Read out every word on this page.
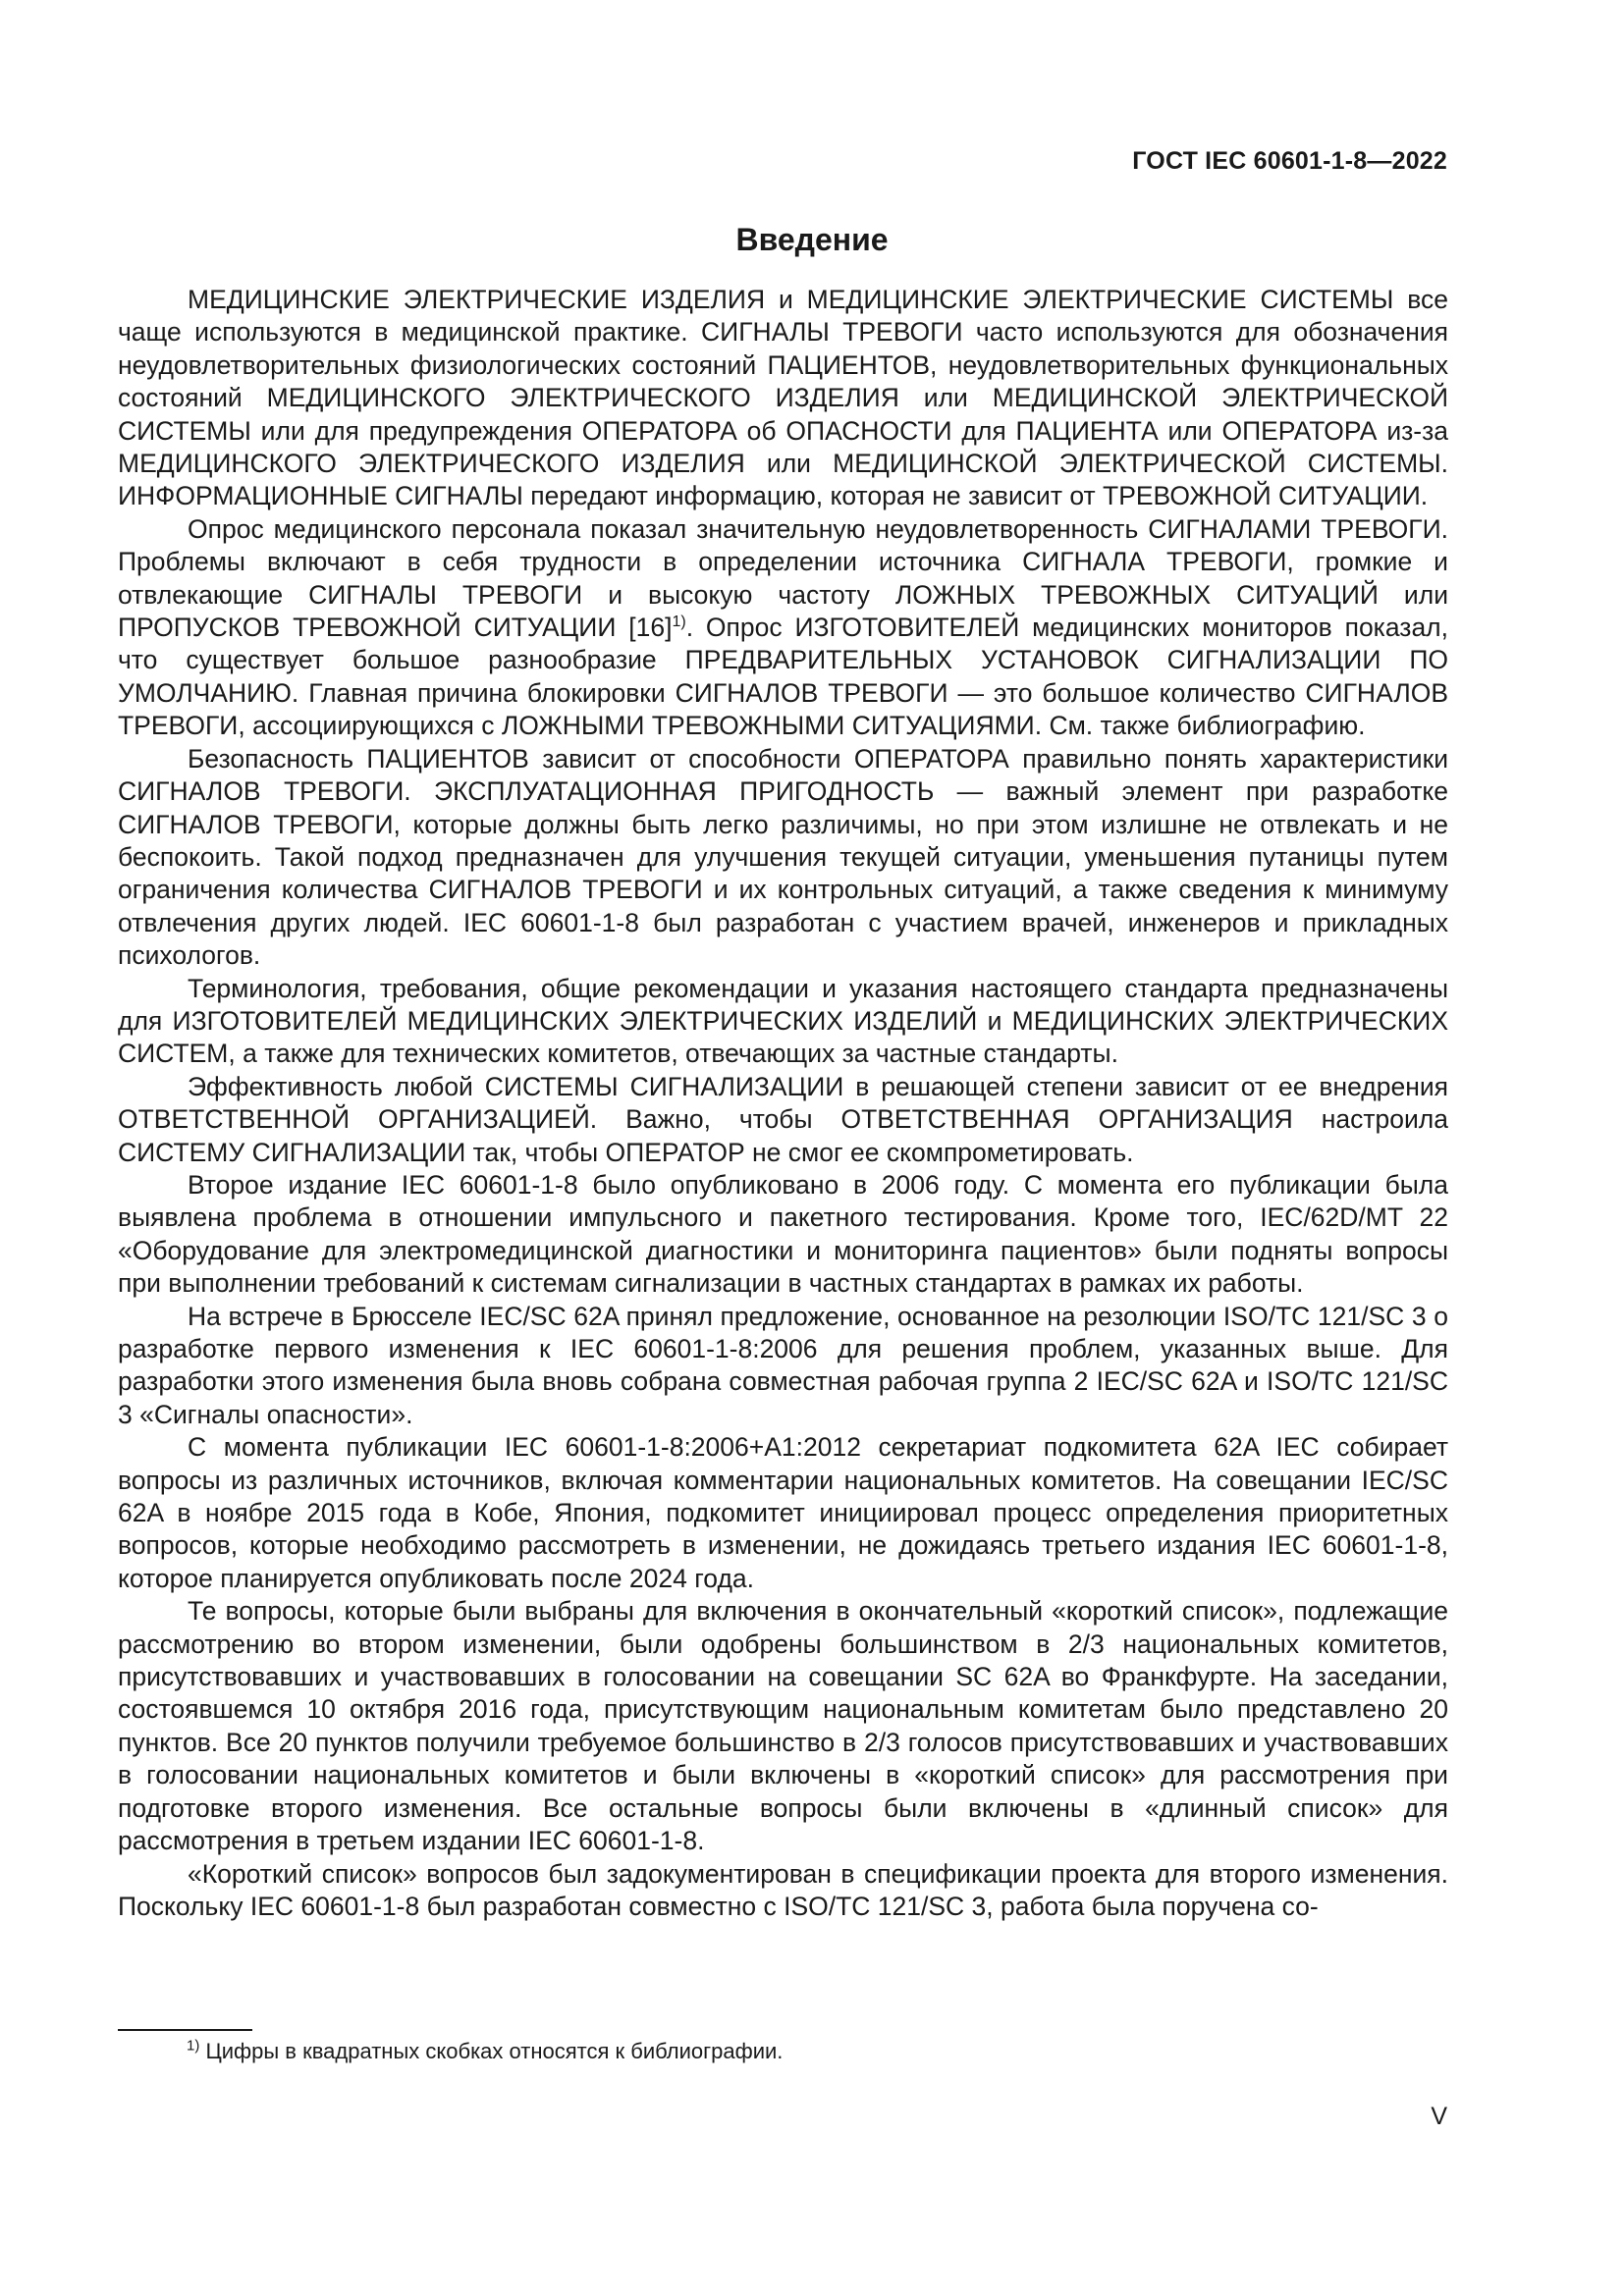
ГОСТ IEC 60601-1-8—2022
Введение

МЕДИЦИНСКИЕ ЭЛЕКТРИЧЕСКИЕ ИЗДЕЛИЯ и МЕДИЦИНСКИЕ ЭЛЕКТРИЧЕСКИЕ СИСТЕМЫ все чаще используются в медицинской практике. СИГНАЛЫ ТРЕВОГИ часто используются для обозначения неудовлетворительных физиологических состояний ПАЦИЕНТОВ, неудовлетворительных функциональных состояний МЕДИЦИНСКОГО ЭЛЕКТРИЧЕСКОГО ИЗДЕЛИЯ или МЕДИЦИНСКОЙ ЭЛЕКТРИЧЕСКОЙ СИСТЕМЫ или для предупреждения ОПЕРАТОРА об ОПАСНОСТИ для ПАЦИЕНТА или ОПЕРАТОРА из-за МЕДИЦИНСКОГО ЭЛЕКТРИЧЕСКОГО ИЗДЕЛИЯ или МЕДИЦИНСКОЙ ЭЛЕКТРИЧЕСКОЙ СИСТЕМЫ. ИНФОРМАЦИОННЫЕ СИГНАЛЫ передают информацию, которая не зависит от ТРЕВОЖНОЙ СИТУАЦИИ.

Опрос медицинского персонала показал значительную неудовлетворенность СИГНАЛАМИ ТРЕВОГИ. Проблемы включают в себя трудности в определении источника СИГНАЛА ТРЕВОГИ, громкие и отвлекающие СИГНАЛЫ ТРЕВОГИ и высокую частоту ЛОЖНЫХ ТРЕВОЖНЫХ СИТУАЦИЙ или ПРОПУСКОВ ТРЕВОЖНОЙ СИТУАЦИИ [16]$^{1)}$. Опрос ИЗГОТОВИТЕЛЕЙ медицинских мониторов показал, что существует большое разнообразие ПРЕДВАРИТЕЛЬНЫХ УСТАНОВОК СИГНАЛИЗАЦИИ ПО УМОЛЧАНИЮ. Главная причина блокировки СИГНАЛОВ ТРЕВОГИ — это большое количество СИГНАЛОВ ТРЕВОГИ, ассоциирующихся с ЛОЖНЫМИ ТРЕВОЖНЫМИ СИТУАЦИЯМИ. См. также библиографию.

Безопасность ПАЦИЕНТОВ зависит от способности ОПЕРАТОРА правильно понять характеристики СИГНАЛОВ ТРЕВОГИ. ЭКСПЛУАТАЦИОННАЯ ПРИГОДНОСТЬ — важный элемент при разработке СИГНАЛОВ ТРЕВОГИ, которые должны быть легко различимы, но при этом излишне не отвлекать и не беспокоить. Такой подход предназначен для улучшения текущей ситуации, уменьшения путаницы путем ограничения количества СИГНАЛОВ ТРЕВОГИ и их контрольных ситуаций, а также сведения к минимуму отвлечения других людей. IEC 60601-1-8 был разработан с участием врачей, инженеров и прикладных психологов.

Терминология, требования, общие рекомендации и указания настоящего стандарта предназначены для ИЗГОТОВИТЕЛЕЙ МЕДИЦИНСКИХ ЭЛЕКТРИЧЕСКИХ ИЗДЕЛИЙ и МЕДИЦИНСКИХ ЭЛЕКТРИЧЕСКИХ СИСТЕМ, а также для технических комитетов, отвечающих за частные стандарты.

Эффективность любой СИСТЕМЫ СИГНАЛИЗАЦИИ в решающей степени зависит от ее внедрения ОТВЕТСТВЕННОЙ ОРГАНИЗАЦИЕЙ. Важно, чтобы ОТВЕТСТВЕННАЯ ОРГАНИЗАЦИЯ настроила СИСТЕМУ СИГНАЛИЗАЦИИ так, чтобы ОПЕРАТОР не смог ее скомпрометировать.

Второе издание IEC 60601-1-8 было опубликовано в 2006 году. С момента его публикации была выявлена проблема в отношении импульсного и пакетного тестирования. Кроме того, IEC/62D/MT 22 «Оборудование для электромедицинской диагностики и мониторинга пациентов» были подняты вопросы при выполнении требований к системам сигнализации в частных стандартах в рамках их работы.

На встрече в Брюсселе IEC/SC 62A принял предложение, основанное на резолюции ISO/TC 121/SC 3 о разработке первого изменения к IEC 60601-1-8:2006 для решения проблем, указанных выше. Для разработки этого изменения была вновь собрана совместная рабочая группа 2 IEC/SC 62A и ISO/TC 121/SC 3 «Сигналы опасности».

С момента публикации IEC 60601-1-8:2006+A1:2012 секретариат подкомитета 62A IEC собирает вопросы из различных источников, включая комментарии национальных комитетов. На совещании IEC/SC 62A в ноябре 2015 года в Кобе, Япония, подкомитет инициировал процесс определения приоритетных вопросов, которые необходимо рассмотреть в изменении, не дожидаясь третьего издания IEC 60601-1-8, которое планируется опубликовать после 2024 года.

Те вопросы, которые были выбраны для включения в окончательный «короткий список», подлежащие рассмотрению во втором изменении, были одобрены большинством в 2/3 национальных комитетов, присутствовавших и участвовавших в голосовании на совещании SC 62A во Франкфурте. На заседании, состоявшемся 10 октября 2016 года, присутствующим национальным комитетам было представлено 20 пунктов. Все 20 пунктов получили требуемое большинство в 2/3 голосов присутствовавших и участвовавших в голосовании национальных комитетов и были включены в «короткий список» для рассмотрения при подготовке второго изменения. Все остальные вопросы были включены в «длинный список» для рассмотрения в третьем издании IEC 60601-1-8.

«Короткий список» вопросов был задокументирован в спецификации проекта для второго изменения. Поскольку IEC 60601-1-8 был разработан совместно с ISO/TC 121/SC 3, работа была поручена со-

$^{1)}$ Цифры в квадратных скобках относятся к библиографии.
V
